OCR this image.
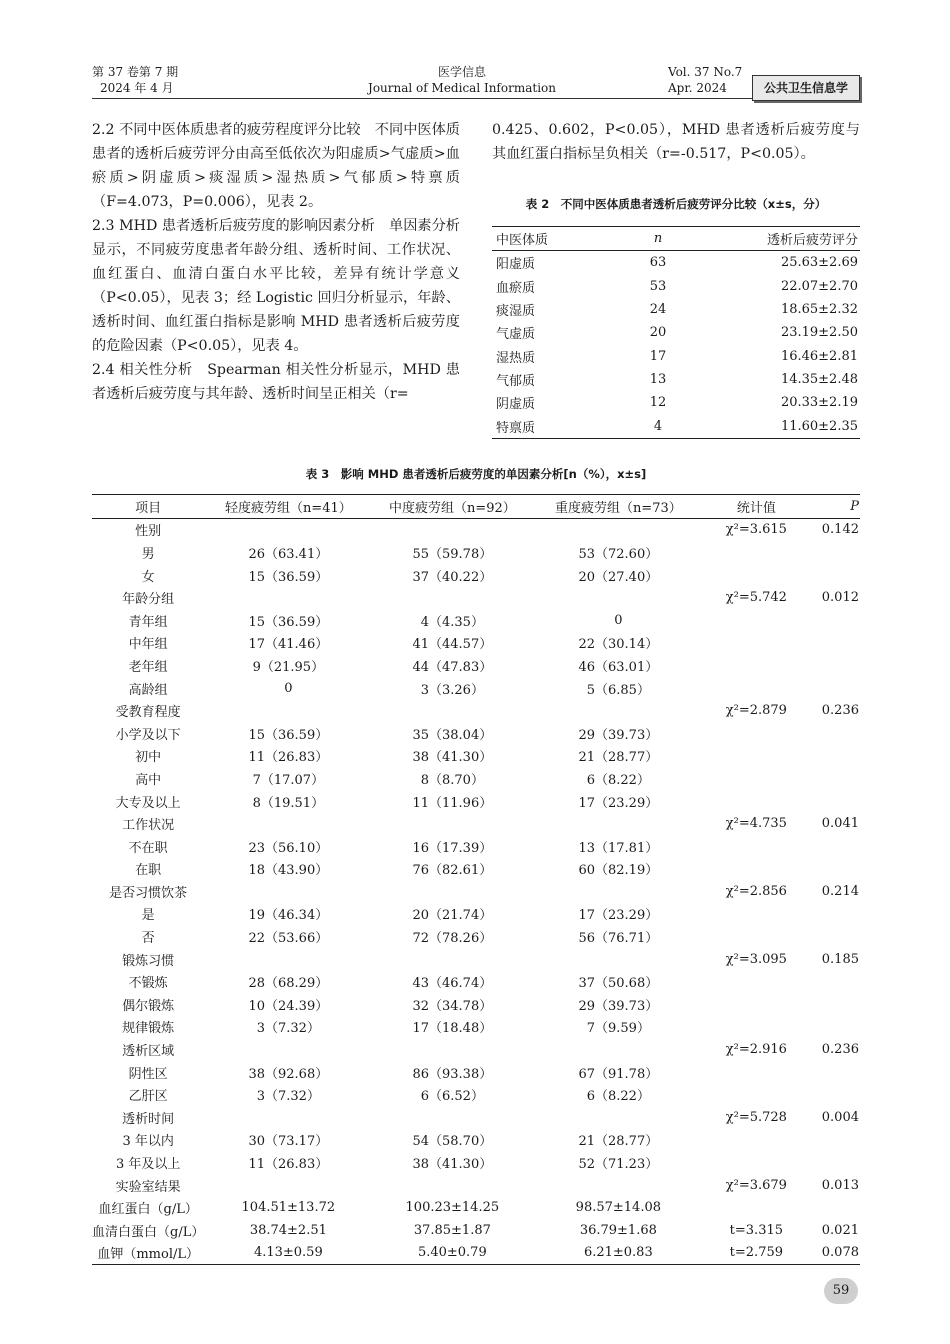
第 37 卷第 7 期
2024 年 4 月
医学信息
Journal of Medical Information
Vol. 37 No.7
Apr. 2024	公共卫生信息学

2.2 不同中医体质患者的疲劳程度评分比较　不同中医体质患者的透析后疲劳评分由高至低依次为阳虚质>气虚质>血瘀质>阴虚质>痰湿质>湿热质>气郁质>特禀质（F=4.073，P=0.006），见表 2。

2.3 MHD 患者透析后疲劳度的影响因素分析　单因素分析显示，不同疲劳度患者年龄分组、透析时间、工作状况、血红蛋白、血清白蛋白水平比较，差异有统计学意义（P<0.05），见表 3；经 Logistic 回归分析显示，年龄、透析时间、血红蛋白指标是影响 MHD 患者透析后疲劳度的危险因素（P<0.05），见表 4。

2.4 相关性分析　Spearman 相关性分析显示，MHD 患者透析后疲劳度与其年龄、透析时间呈正相关（r=

0.425、0.602，P<0.05），MHD 患者透析后疲劳度与其血红蛋白指标呈负相关（r=-0.517，P<0.05）。

表 2　不同中医体质患者透析后疲劳评分比较（x±s，分）
中医体质	n	透析后疲劳评分
阳虚质	63	25.63±2.69
血瘀质	53	22.07±2.70
痰湿质	24	18.65±2.32
气虚质	20	23.19±2.50
湿热质	17	16.46±2.81
气郁质	13	14.35±2.48
阴虚质	12	20.33±2.19
特禀质	4	11.60±2.35
表 3　影响 MHD 患者透析后疲劳度的单因素分析[n（%），x±s]
项目	轻度疲劳组（n=41）	中度疲劳组（n=92）	重度疲劳组（n=73）	统计值	P
性别				χ²=3.615	0.142
男	26（63.41）	55（59.78）	53（72.60）		
女	15（36.59）	37（40.22）	20（27.40）		
年龄分组				χ²=5.742	0.012
青年组	15（36.59）	4（4.35）	0		
中年组	17（41.46）	41（44.57）	22（30.14）		
老年组	9（21.95）	44（47.83）	46（63.01）		
高龄组	0	3（3.26）	5（6.85）		
受教育程度				χ²=2.879	0.236
小学及以下	15（36.59）	35（38.04）	29（39.73）		
初中	11（26.83）	38（41.30）	21（28.77）		
高中	7（17.07）	8（8.70）	6（8.22）		
大专及以上	8（19.51）	11（11.96）	17（23.29）		
工作状况				χ²=4.735	0.041
不在职	23（56.10）	16（17.39）	13（17.81）		
在职	18（43.90）	76（82.61）	60（82.19）		
是否习惯饮茶				χ²=2.856	0.214
是	19（46.34）	20（21.74）	17（23.29）		
否	22（53.66）	72（78.26）	56（76.71）		
锻炼习惯				χ²=3.095	0.185
不锻炼	28（68.29）	43（46.74）	37（50.68）		
偶尔锻炼	10（24.39）	32（34.78）	29（39.73）		
规律锻炼	3（7.32）	17（18.48）	7（9.59）		
透析区域				χ²=2.916	0.236
阴性区	38（92.68）	86（93.38）	67（91.78）		
乙肝区	3（7.32）	6（6.52）	6（8.22）		
透析时间				χ²=5.728	0.004
3 年以内	30（73.17）	54（58.70）	21（28.77）		
3 年及以上	11（26.83）	38（41.30）	52（71.23）		
实验室结果				χ²=3.679	0.013
血红蛋白（g/L）	104.51±13.72	100.23±14.25	98.57±14.08		
血清白蛋白（g/L）	38.74±2.51	37.85±1.87	36.79±1.68	t=3.315	0.021
血钾（mmol/L）	4.13±0.59	5.40±0.79	6.21±0.83	t=2.759	0.078
59
